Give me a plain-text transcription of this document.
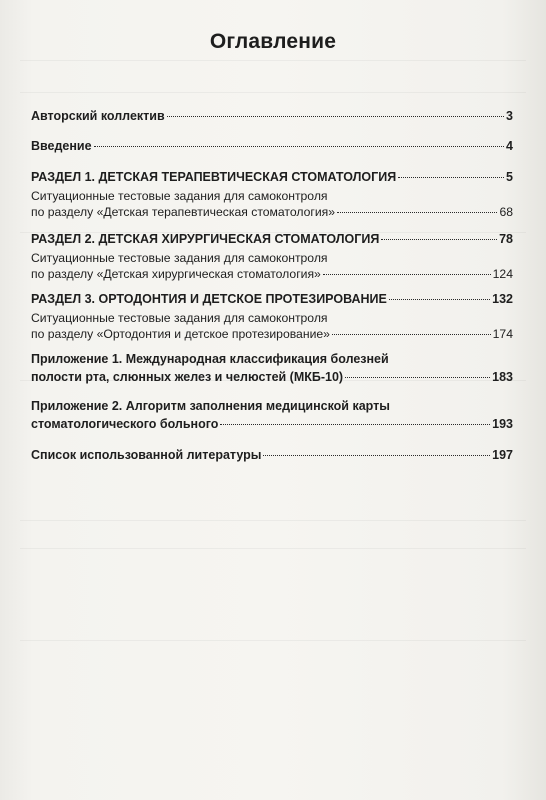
Оглавление
Авторский коллектив	3
Введение	4
РАЗДЕЛ 1. ДЕТСКАЯ ТЕРАПЕВТИЧЕСКАЯ СТОМАТОЛОГИЯ	5
Ситуационные тестовые задания для самоконтроля
по разделу «Детская терапевтическая стоматология»	68
РАЗДЕЛ 2. ДЕТСКАЯ ХИРУРГИЧЕСКАЯ СТОМАТОЛОГИЯ	78
Ситуационные тестовые задания для самоконтроля
по разделу «Детская хирургическая стоматология»	124
РАЗДЕЛ 3. ОРТОДОНТИЯ И ДЕТСКОЕ ПРОТЕЗИРОВАНИЕ	132
Ситуационные тестовые задания для самоконтроля
по разделу «Ортодонтия и детское протезирование»	174
Приложение 1. Международная классификация болезней
полости рта, слюнных желез и челюстей (МКБ-10)	183
Приложение 2. Алгоритм заполнения медицинской карты
стоматологического больного	193
Список использованной литературы	197
